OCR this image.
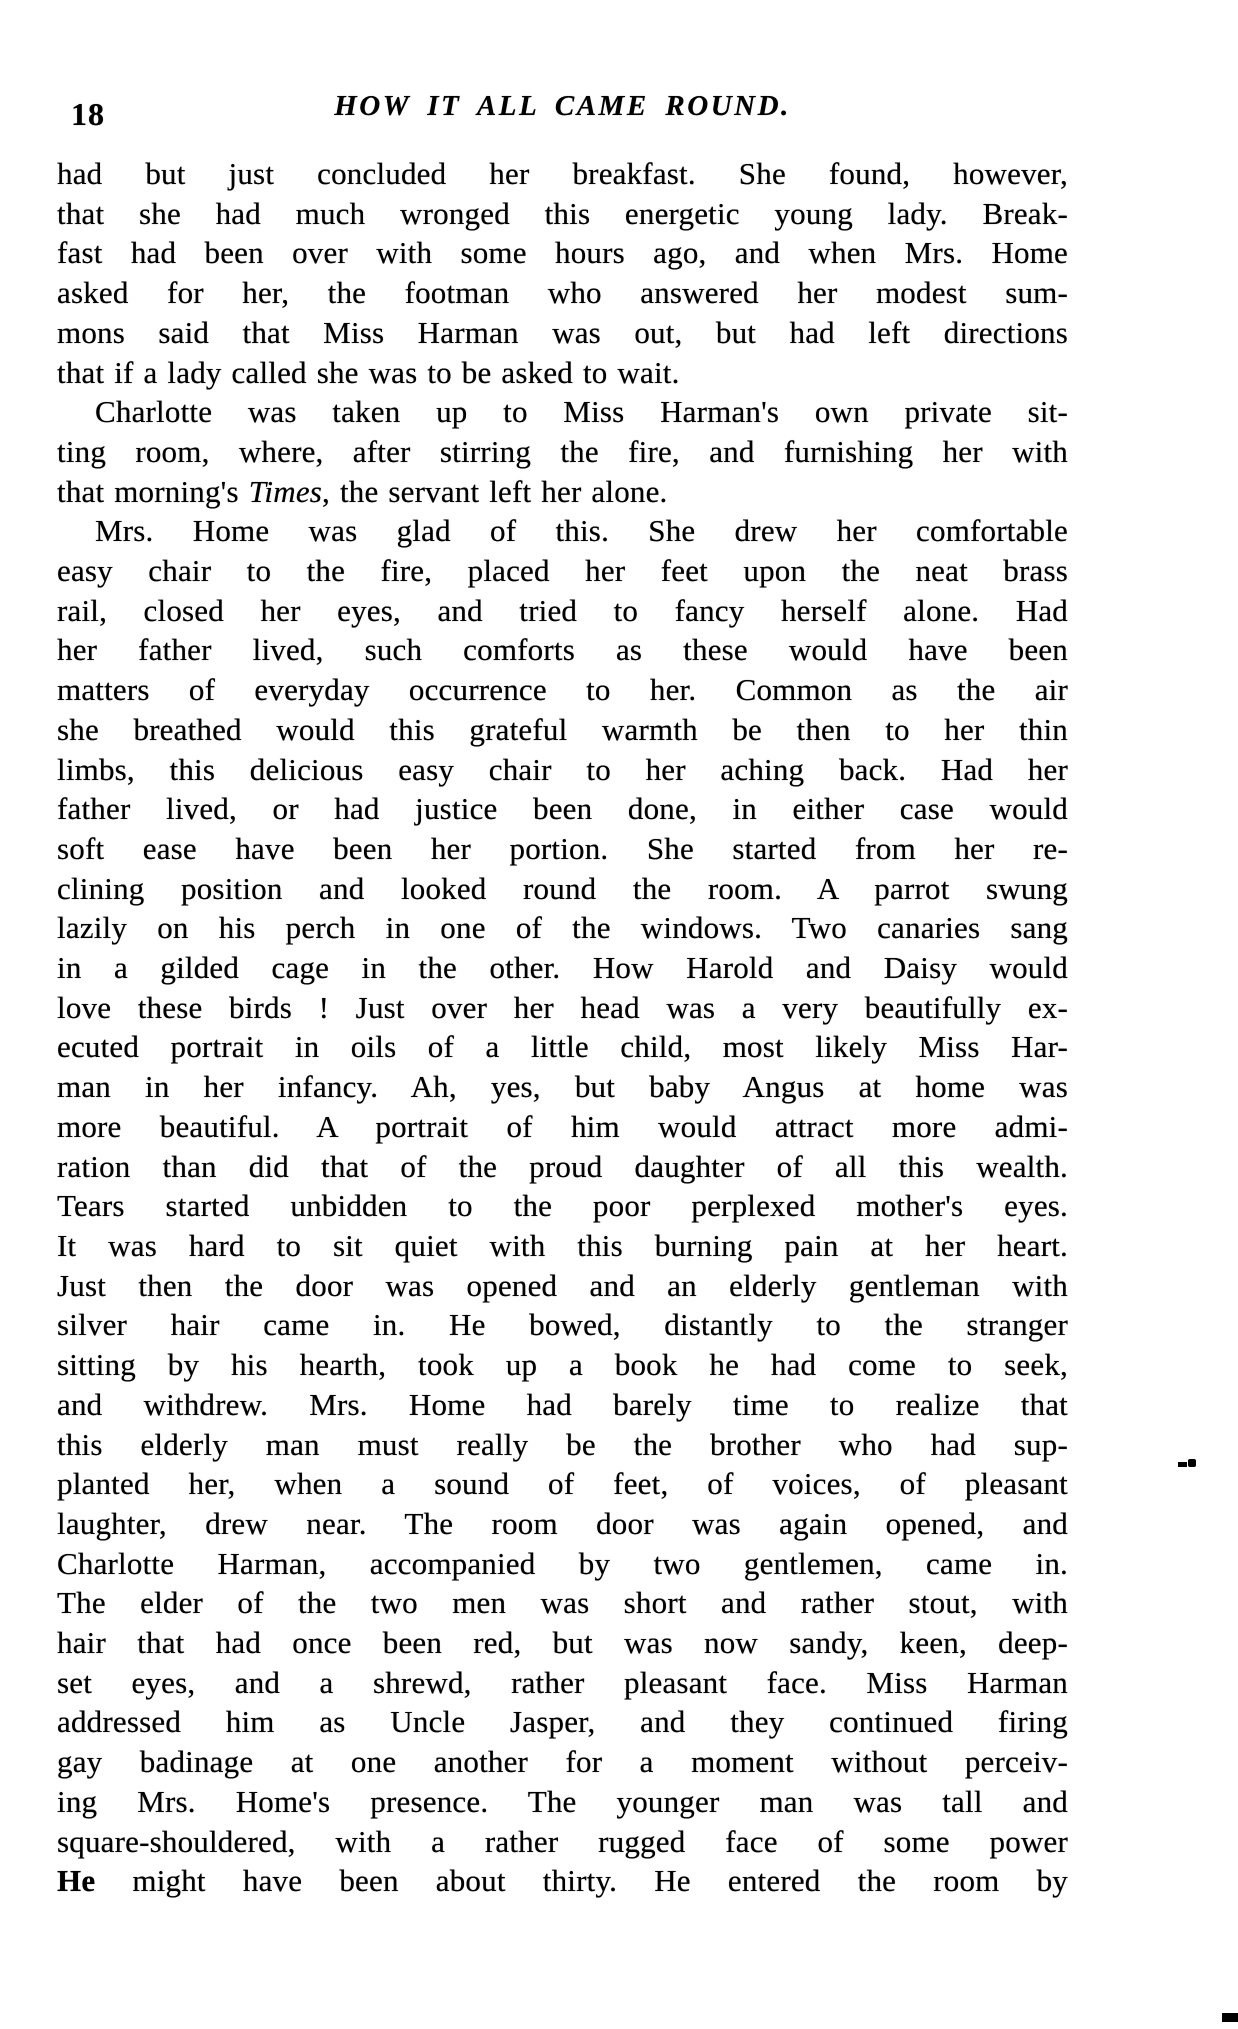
18	HOW IT ALL CAME ROUND.
had but just concluded her breakfast. She found, however,
that she had much wronged this energetic young lady. Break-
fast had been over with some hours ago, and when Mrs. Home
asked for her, the footman who answered her modest sum-
mons said that Miss Harman was out, but had left directions
that if a lady called she was to be asked to wait.
Charlotte was taken up to Miss Harman's own private sit-
ting room, where, after stirring the fire, and furnishing her with
that morning's Times, the servant left her alone.
Mrs. Home was glad of this. She drew her comfortable
easy chair to the fire, placed her feet upon the neat brass
rail, closed her eyes, and tried to fancy herself alone. Had
her father lived, such comforts as these would have been
matters of everyday occurrence to her. Common as the air
she breathed would this grateful warmth be then to her thin
limbs, this delicious easy chair to her aching back. Had her
father lived, or had justice been done, in either case would
soft ease have been her portion. She started from her re-
clining position and looked round the room. A parrot swung
lazily on his perch in one of the windows. Two canaries sang
in a gilded cage in the other. How Harold and Daisy would
love these birds ! Just over her head was a very beautifully ex-
ecuted portrait in oils of a little child, most likely Miss Har-
man in her infancy. Ah, yes, but baby Angus at home was
more beautiful. A portrait of him would attract more admi-
ration than did that of the proud daughter of all this wealth.
Tears started unbidden to the poor perplexed mother's eyes.
It was hard to sit quiet with this burning pain at her heart.
Just then the door was opened and an elderly gentleman with
silver hair came in. He bowed, distantly to the stranger
sitting by his hearth, took up a book he had come to seek,
and withdrew. Mrs. Home had barely time to realize that
this elderly man must really be the brother who had sup-
planted her, when a sound of feet, of voices, of pleasant
laughter, drew near. The room door was again opened, and
Charlotte Harman, accompanied by two gentlemen, came in.
The elder of the two men was short and rather stout, with
hair that had once been red, but was now sandy, keen, deep-
set eyes, and a shrewd, rather pleasant face. Miss Harman
addressed him as Uncle Jasper, and they continued firing
gay badinage at one another for a moment without perceiv-
ing Mrs. Home's presence. The younger man was tall and
square-shouldered, with a rather rugged face of some power
He might have been about thirty. He entered the room by
